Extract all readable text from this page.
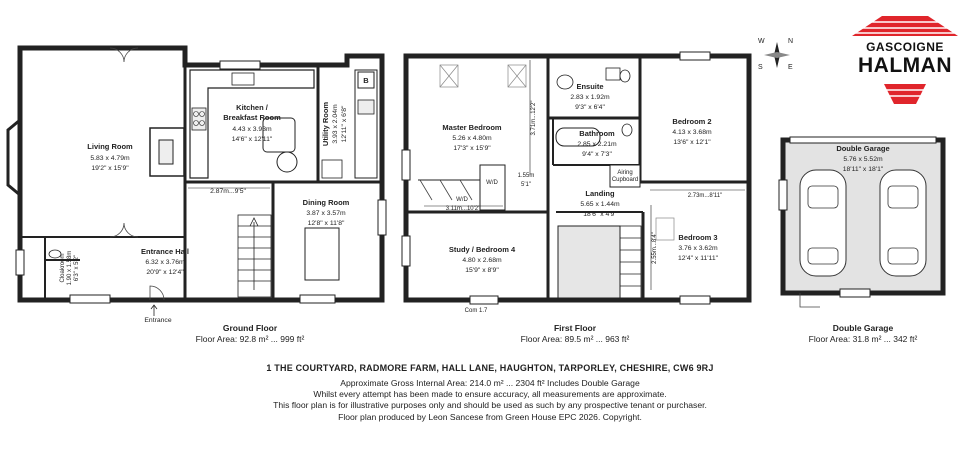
Living Room
5.83 x 4.79m
19'2" x 15'9"
Kitchen /
Breakfast Room
4.43 x 3.93m
14'6" x 12'11"	Utility Room 3.93 x 2.04m 12'11" x 6'8"
B
Dining Room
3.87 x 3.57m
12'8" x 11'8"
Entrance Hall
6.32 x 3.76m
20'9" x 12'4"
Cloakroom 1.90 x 1.58m 6'3" x 5'2"
2.87m...9'5"
Entrance
Master Bedroom
5.26 x 4.80m
17'3" x 15'9"
3.71m...12'2"
W/D
W/D
3.11m...10'2"
Ensuite
2.83 x 1.92m
9'3" x 6'4"
Bathroom
2.85 x 2.21m
9'4" x 7'3"
Bedroom 2
4.13 x 3.68m
13'6" x 12'1"
Airing
Cupboard
1.55m
5'1"
Landing
5.65 x 1.44m
18'6" x 4'9"
2.73m...8'11"
2.55m...8'4"	Bedroom 3
3.76 x 3.62m
12'4" x 11'11"
Study / Bedroom 4
4.80 x 2.68m
15'9" x 8'9"
Com 1.7
Double Garage
5.76 x 5.52m
18'11" x 18'1"
Ground Floor
Floor Area: 92.8 m² ... 999 ft²
First Floor
Floor Area: 89.5 m² ... 963 ft²
Double Garage
Floor Area: 31.8 m² ... 342 ft²
1 THE COURTYARD, RADMORE FARM, HALL LANE, HAUGHTON, TARPORLEY, CHESHIRE, CW6 9RJ
Approximate Gross Internal Area: 214.0 m² ... 2304 ft² Includes Double Garage
Whilst every attempt has been made to ensure accuracy, all measurements are approximate.
This floor plan is for illustrative purposes only and should be used as such by any prospective tenant or purchaser.
Floor plan produced by Leon Sancese from Green House EPC 2026. Copyright.
W	N
S	E
GASCOIGNE
HALMAN
